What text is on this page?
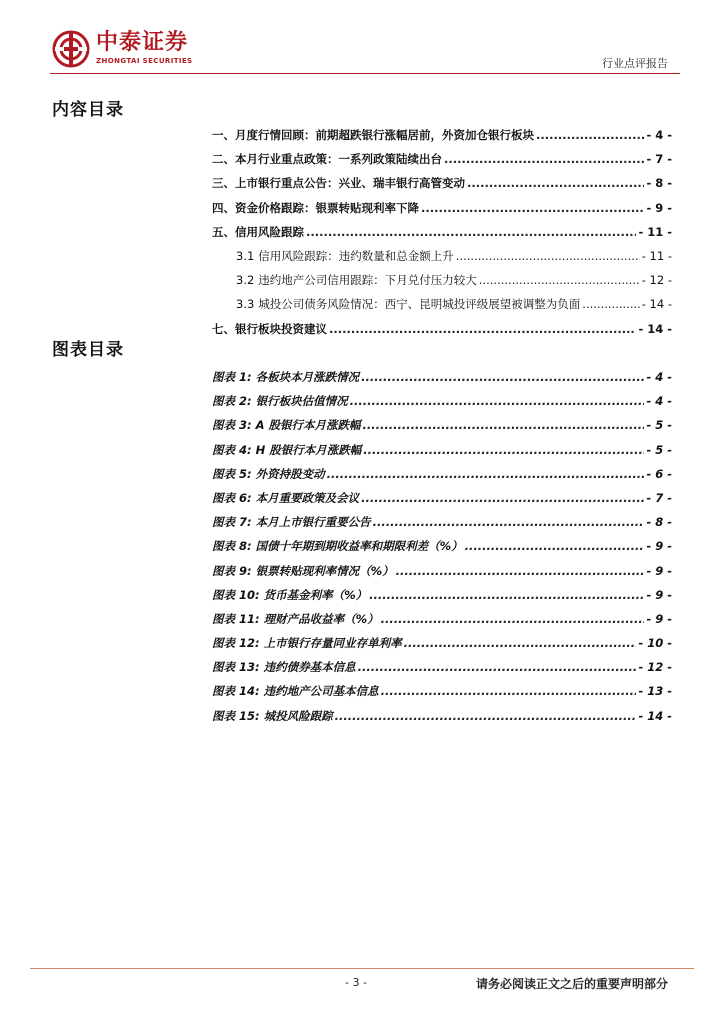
中泰证券
ZHONGTAI SECURITIES	行业点评报告
内容目录
一、月度行情回顾：前期超跌银行涨幅居前，外资加仓银行板块 .....	- 4 -
二、本月行业重点政策：一系列政策陆续出台 .....	- 7 -
三、上市银行重点公告：兴业、瑞丰银行高管变动 .....	- 8 -
四、资金价格跟踪：银票转贴现利率下降 .....	- 9 -
五、信用风险跟踪 .....	- 11 -
3.1 信用风险跟踪：违约数量和总金额上升 .....	- 11 -
3.2 违约地产公司信用跟踪：下月兑付压力较大 .....	- 12 -
3.3 城投公司债务风险情况：西宁、昆明城投评级展望被调整为负面 .....	- 14 -
七、银行板块投资建议 .....	- 14 -
图表目录
图表 1: 各板块本月涨跌情况 .....	- 4 -
图表 2: 银行板块估值情况 .....	- 4 -
图表 3: A 股银行本月涨跌幅 .....	- 5 -
图表 4: H 股银行本月涨跌幅 .....	- 5 -
图表 5: 外资持股变动 .....	- 6 -
图表 6: 本月重要政策及会议 .....	- 7 -
图表 7: 本月上市银行重要公告 .....	- 8 -
图表 8: 国债十年期到期收益率和期限利差（%） .....	- 9 -
图表 9: 银票转贴现利率情况（%） .....	- 9 -
图表 10: 货币基金利率（%） .....	- 9 -
图表 11: 理财产品收益率（%） .....	- 9 -
图表 12: 上市银行存量同业存单利率 .....	- 10 -
图表 13: 违约债券基本信息 .....	- 12 -
图表 14: 违约地产公司基本信息 .....	- 13 -
图表 15: 城投风险跟踪 .....	- 14 -
- 3 -	请务必阅读正文之后的重要声明部分
